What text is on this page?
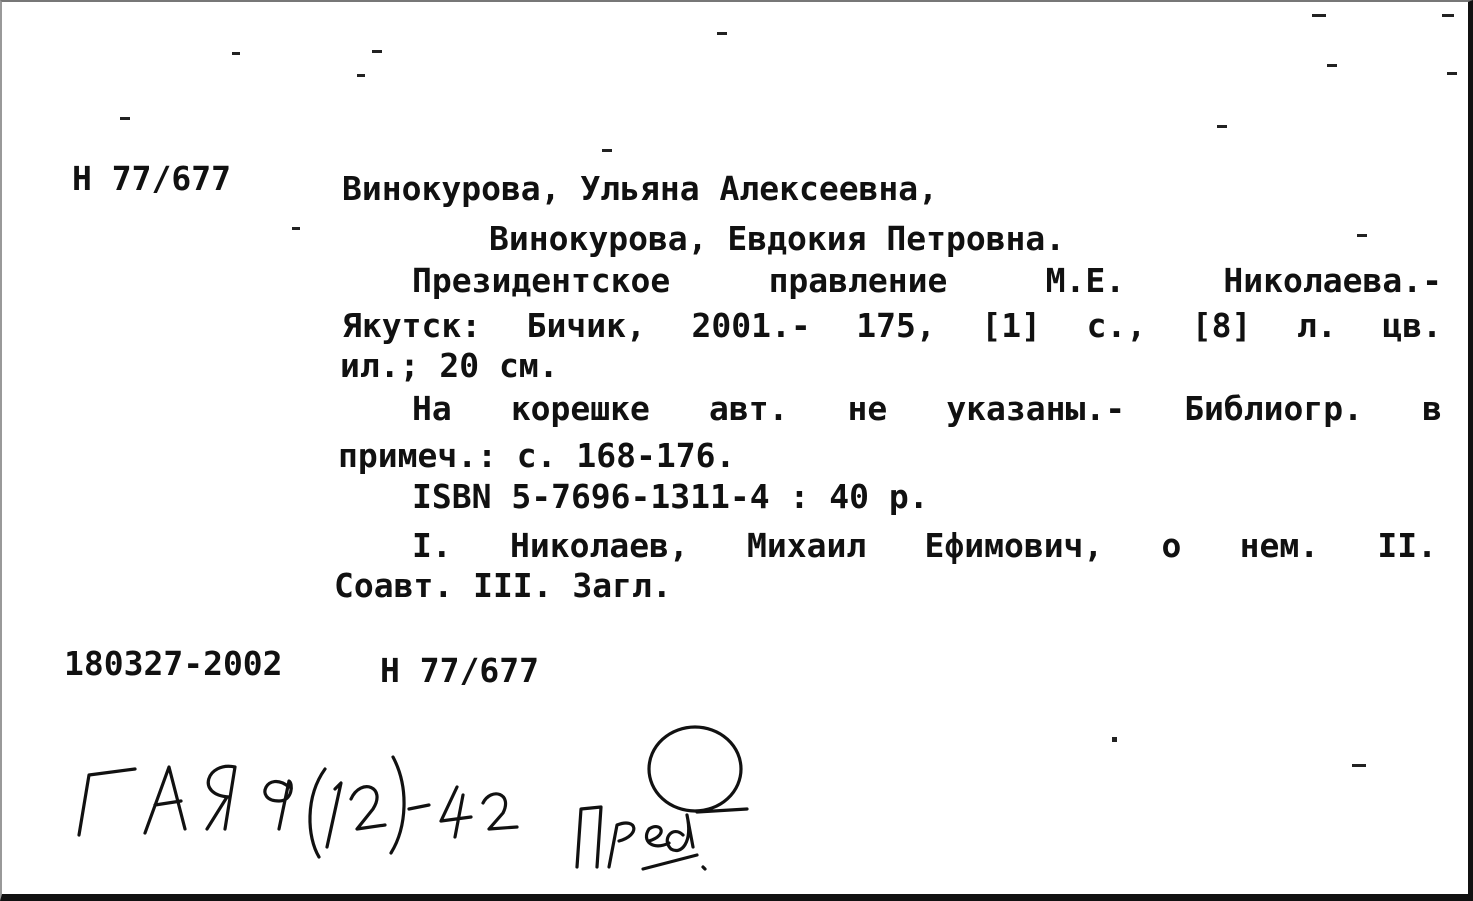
Н 77/677	Винокурова, Ульяна Алексеевна,
Винокурова, Евдокия Петровна.
Президентское	правление	М.Е.	Николаева.-
Якутск: Бичик, 2001.- 175, [1] с., [8] л. цв.
ил.; 20 см.
На корешке авт. не указаны.- Библиогр. в
примеч.: с. 168-176.
ISBN 5-7696-1311-4 : 40 р.
I. Николаев, Михаил Ефимович, о нем. II.
Соавт. III. Загл.
180327-2002	Н 77/677
